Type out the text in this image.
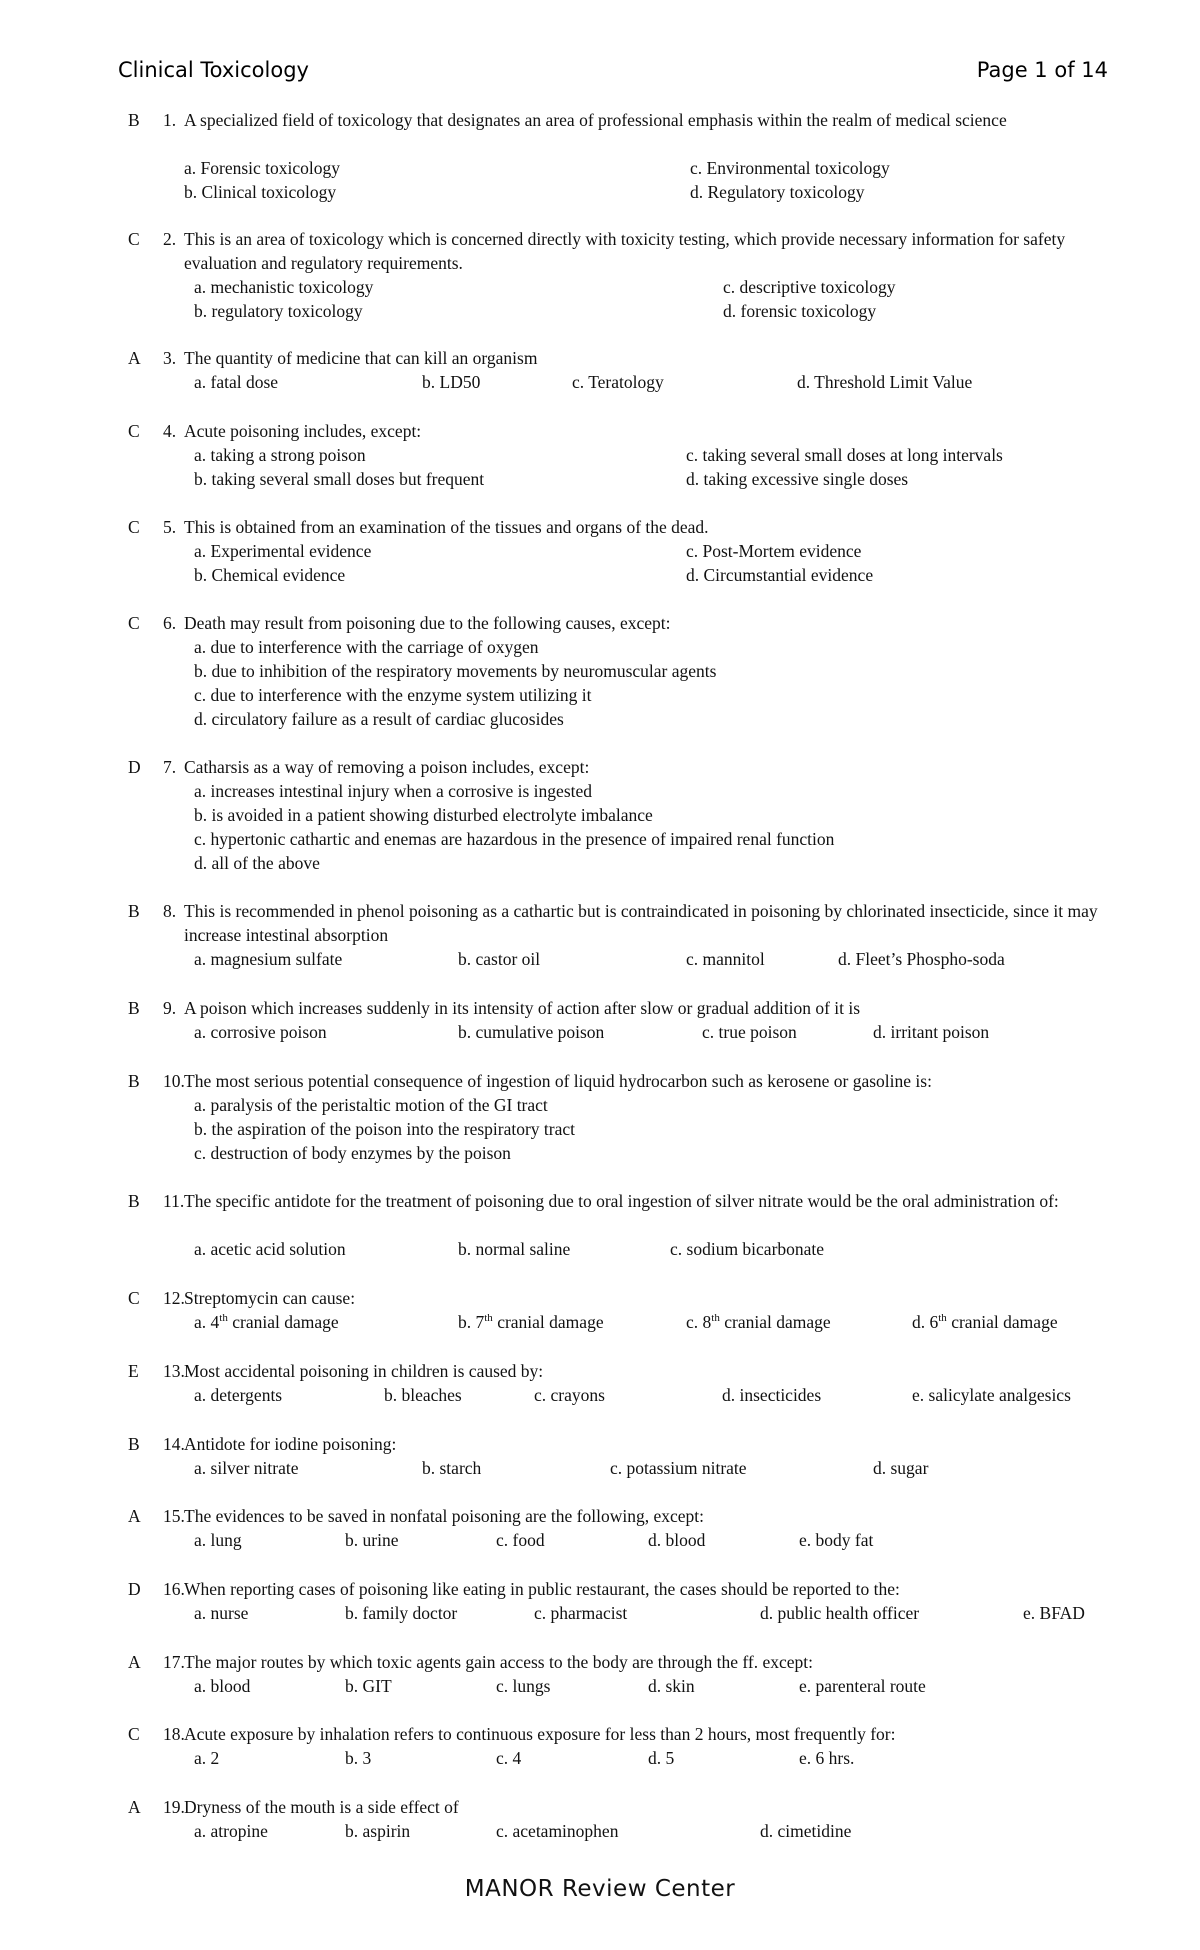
Clinical Toxicology	Page 1 of 14
B 1. A specialized field of toxicology that designates an area of professional emphasis within the realm of medical science
a. Forensic toxicology
b. Clinical toxicology
c. Environmental toxicology
d. Regulatory toxicology
C 2. This is an area of toxicology which is concerned directly with toxicity testing, which provide necessary information for safety evaluation and regulatory requirements.
a. mechanistic toxicology
b. regulatory toxicology
c. descriptive toxicology
d. forensic toxicology
A 3. The quantity of medicine that can kill an organism
a. fatal dose	b. LD50	c. Teratology	d. Threshold Limit Value
C 4. Acute poisoning includes, except:
a. taking a strong poison
b. taking several small doses but frequent
c. taking several small doses at long intervals
d. taking excessive single doses
C 5. This is obtained from an examination of the tissues and organs of the dead.
a. Experimental evidence
b. Chemical evidence
c. Post-Mortem evidence
d. Circumstantial evidence
C 6. Death may result from poisoning due to the following causes, except:
a. due to interference with the carriage of oxygen
b. due to inhibition of the respiratory movements by neuromuscular agents
c. due to interference with the enzyme system utilizing it
d. circulatory failure as a result of cardiac glucosides
D 7. Catharsis as a way of removing a poison includes, except:
a. increases intestinal injury when a corrosive is ingested
b. is avoided in a patient showing disturbed electrolyte imbalance
c. hypertonic cathartic and enemas are hazardous in the presence of impaired renal function
d. all of the above
B 8. This is recommended in phenol poisoning as a cathartic but is contraindicated in poisoning by chlorinated insecticide, since it may increase intestinal absorption
a. magnesium sulfate	b. castor oil	c. mannitol	d. Fleet’s Phospho-soda
B 9. A poison which increases suddenly in its intensity of action after slow or gradual addition of it is
a. corrosive poison	b. cumulative poison	c. true poison	d. irritant poison
B 10. The most serious potential consequence of ingestion of liquid hydrocarbon such as kerosene or gasoline is:
a. paralysis of the peristaltic motion of the GI tract
b. the aspiration of the poison into the respiratory tract
c. destruction of body enzymes by the poison
B 11. The specific antidote for the treatment of poisoning due to oral ingestion of silver nitrate would be the oral administration of:
a. acetic acid solution	b. normal saline	c. sodium bicarbonate
C 12. Streptomycin can cause:
a. 4th cranial damage	b. 7th cranial damage	c. 8th cranial damage	d. 6th cranial damage
E 13. Most accidental poisoning in children is caused by:
a. detergents	b. bleaches	c. crayons	d. insecticides	e. salicylate analgesics
B 14. Antidote for iodine poisoning:
a. silver nitrate	b. starch	c. potassium nitrate	d. sugar
A 15. The evidences to be saved in nonfatal poisoning are the following, except:
a. lung	b. urine	c. food	d. blood	e. body fat
D 16. When reporting cases of poisoning like eating in public restaurant, the cases should be reported to the:
a. nurse	b. family doctor	c. pharmacist	d. public health officer	e. BFAD
A 17. The major routes by which toxic agents gain access to the body are through the ff. except:
a. blood	b. GIT	c. lungs	d. skin	e. parenteral route
C 18. Acute exposure by inhalation refers to continuous exposure for less than 2 hours, most frequently for:
a. 2	b. 3	c. 4	d. 5	e. 6 hrs.
A 19. Dryness of the mouth is a side effect of
a. atropine	b. aspirin	c. acetaminophen	d. cimetidine
MANOR Review Center
